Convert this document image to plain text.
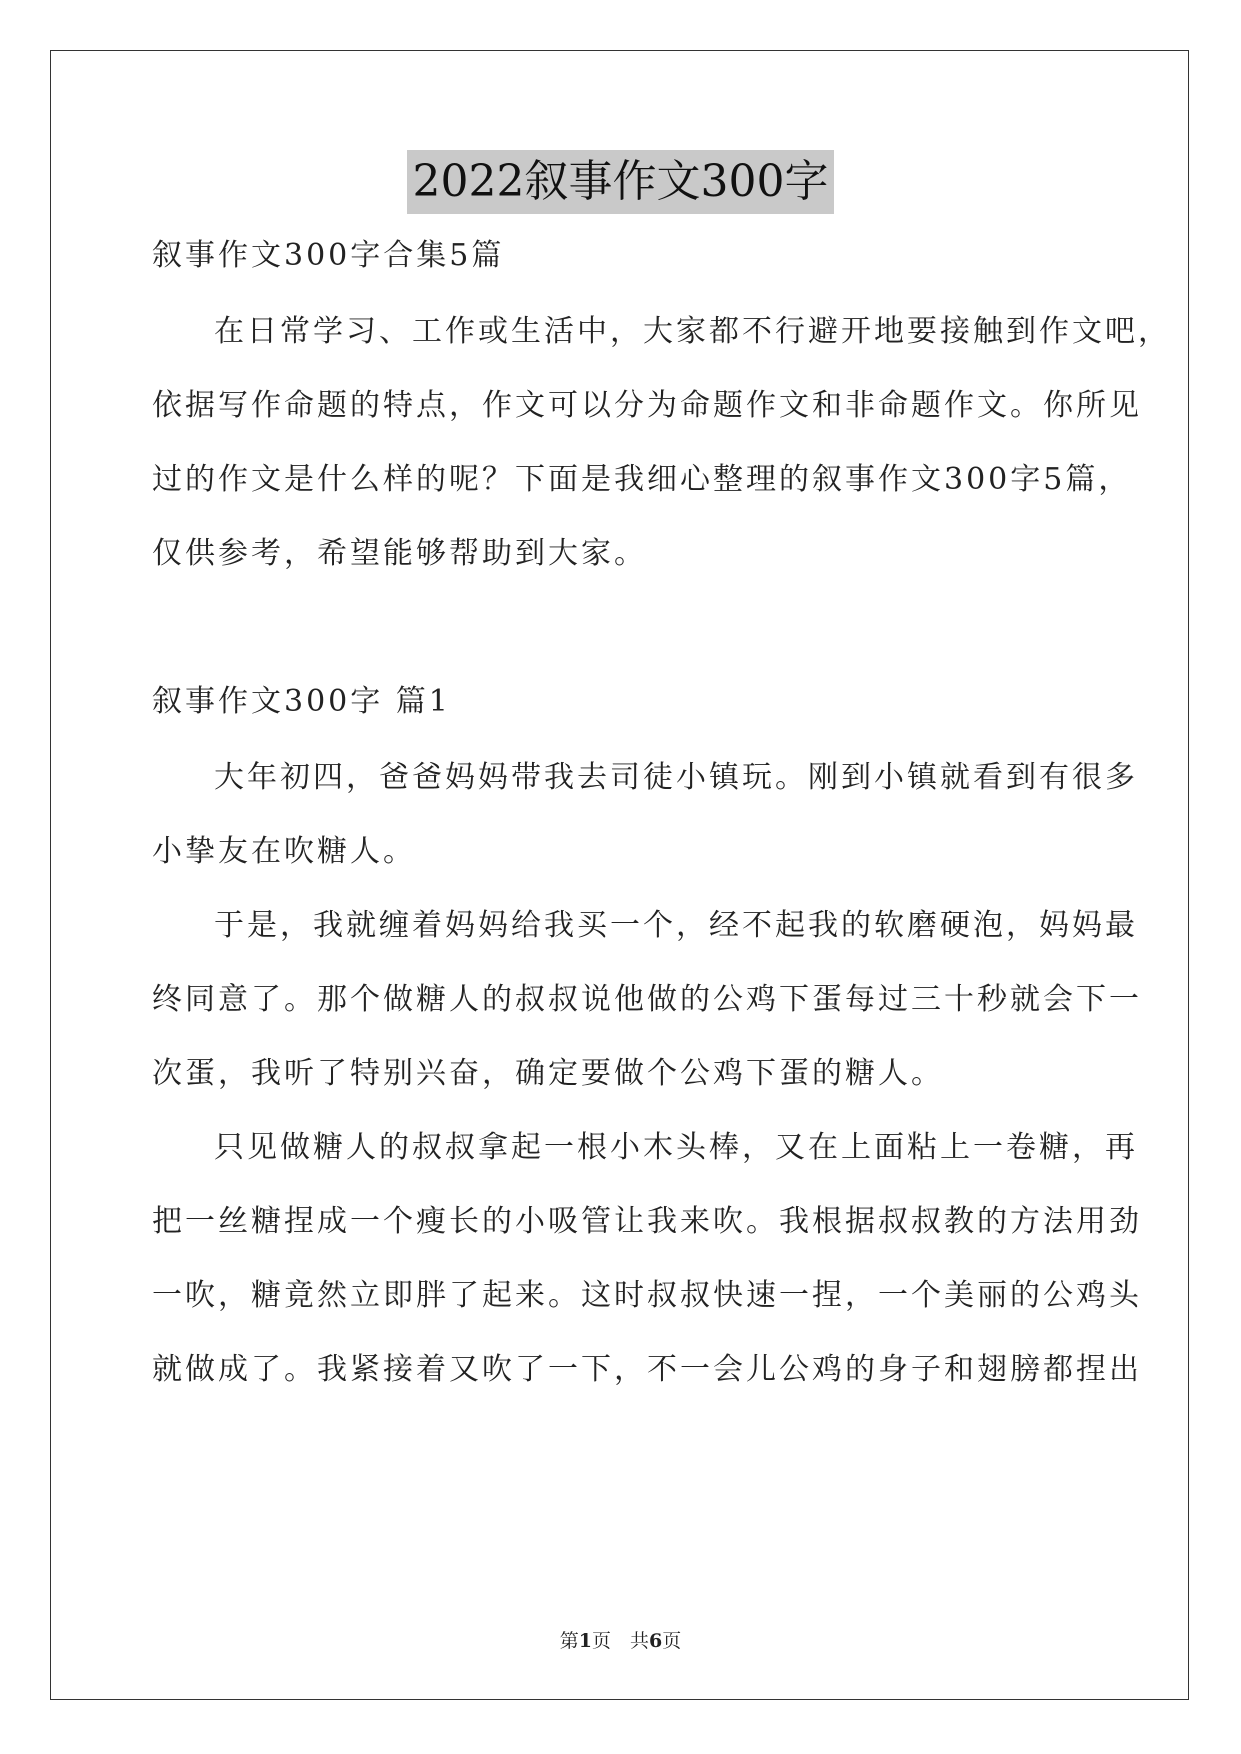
2022叙事作文300字
叙事作文300字合集5篇
在日常学习、工作或生活中，大家都不行避开地要接触到作文吧，
依据写作命题的特点，作文可以分为命题作文和非命题作文。你所见
过的作文是什么样的呢？下面是我细心整理的叙事作文300字5篇，
仅供参考，希望能够帮助到大家。
叙事作文300字 篇1
大年初四，爸爸妈妈带我去司徒小镇玩。刚到小镇就看到有很多
小挚友在吹糖人。
于是，我就缠着妈妈给我买一个，经不起我的软磨硬泡，妈妈最
终同意了。那个做糖人的叔叔说他做的公鸡下蛋每过三十秒就会下一
次蛋，我听了特别兴奋，确定要做个公鸡下蛋的糖人。
只见做糖人的叔叔拿起一根小木头棒，又在上面粘上一卷糖，再
把一丝糖捏成一个瘦长的小吸管让我来吹。我根据叔叔教的方法用劲
一吹，糖竟然立即胖了起来。这时叔叔快速一捏，一个美丽的公鸡头
就做成了。我紧接着又吹了一下，不一会儿公鸡的身子和翅膀都捏出
第1页　共6页
